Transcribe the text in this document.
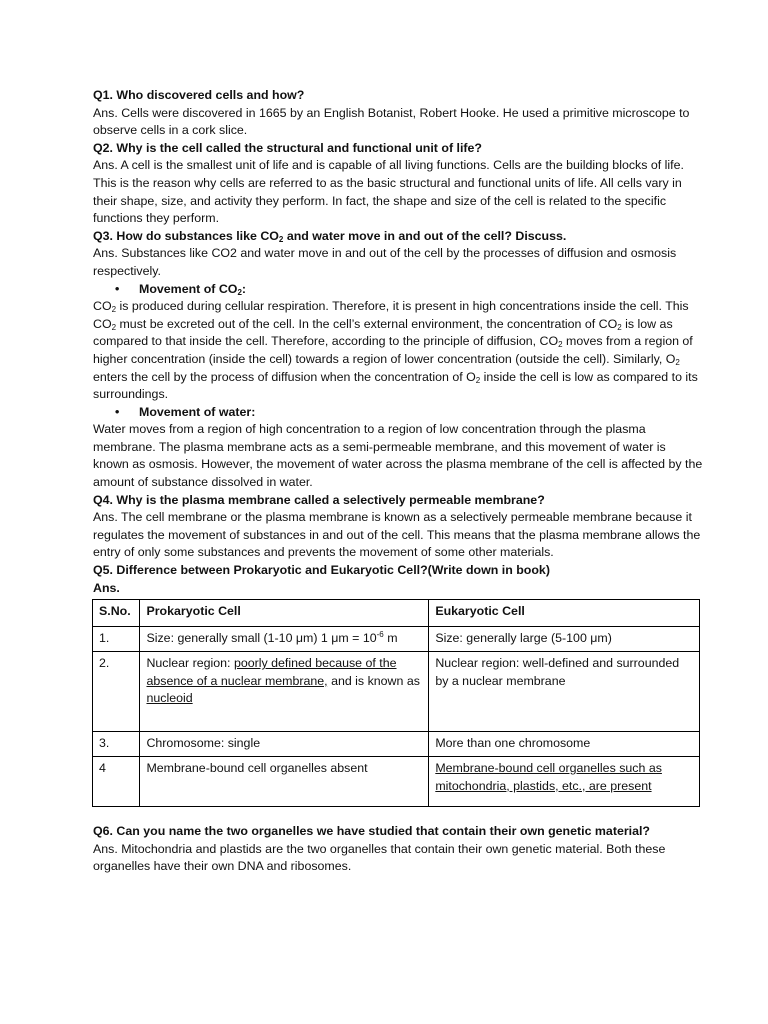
Q1. Who discovered cells and how?

Ans. Cells were discovered in 1665 by an English Botanist, Robert Hooke. He used a primitive microscope to observe cells in a cork slice.

Q2. Why is the cell called the structural and functional unit of life?

Ans. A cell is the smallest unit of life and is capable of all living functions. Cells are the building blocks of life. This is the reason why cells are referred to as the basic structural and functional units of life. All cells vary in their shape, size, and activity they perform. In fact, the shape and size of the cell is related to the specific functions they perform.

Q3. How do substances like $CO_2$ and water move in and out of the cell? Discuss.

Ans. Substances like CO2 and water move in and out of the cell by the processes of diffusion and osmosis respectively.

• Movement of $CO_2$:

$CO_2$ is produced during cellular respiration. Therefore, it is present in high concentrations inside the cell. This $CO_2$ must be excreted out of the cell. In the cell’s external environment, the concentration of $CO_2$ is low as compared to that inside the cell. Therefore, according to the principle of diffusion, $CO_2$ moves from a region of higher concentration (inside the cell) towards a region of lower concentration (outside the cell). Similarly, $O_2$ enters the cell by the process of diffusion when the concentration of $O_2$ inside the cell is low as compared to its surroundings.

• Movement of water:

Water moves from a region of high concentration to a region of low concentration through the plasma membrane. The plasma membrane acts as a semi-permeable membrane, and this movement of water is known as osmosis. However, the movement of water across the plasma membrane of the cell is affected by the amount of substance dissolved in water.

Q4. Why is the plasma membrane called a selectively permeable membrane?

Ans. The cell membrane or the plasma membrane is known as a selectively permeable membrane because it regulates the movement of substances in and out of the cell. This means that the plasma membrane allows the entry of only some substances and prevents the movement of some other materials.

Q5. Difference between Prokaryotic and Eukaryotic Cell?(Write down in book)

Ans.

S.No.	Prokaryotic Cell	Eukaryotic Cell
1.	Size: generally small (1-10 μm) 1 $\mu m = 10^{-6}$ m	Size: generally large (5-100 μm)
2.	Nuclear region: poorly defined because of the absence of a nuclear membrane, and is known as nucleoid	Nuclear region: well-defined and surrounded by a nuclear membrane
3.	Chromosome: single	More than one chromosome
4	Membrane-bound cell organelles absent	Membrane-bound cell organelles such as mitochondria, plastids, etc., are present

Q6. Can you name the two organelles we have studied that contain their own genetic material?

Ans. Mitochondria and plastids are the two organelles that contain their own genetic material. Both these organelles have their own DNA and ribosomes.
